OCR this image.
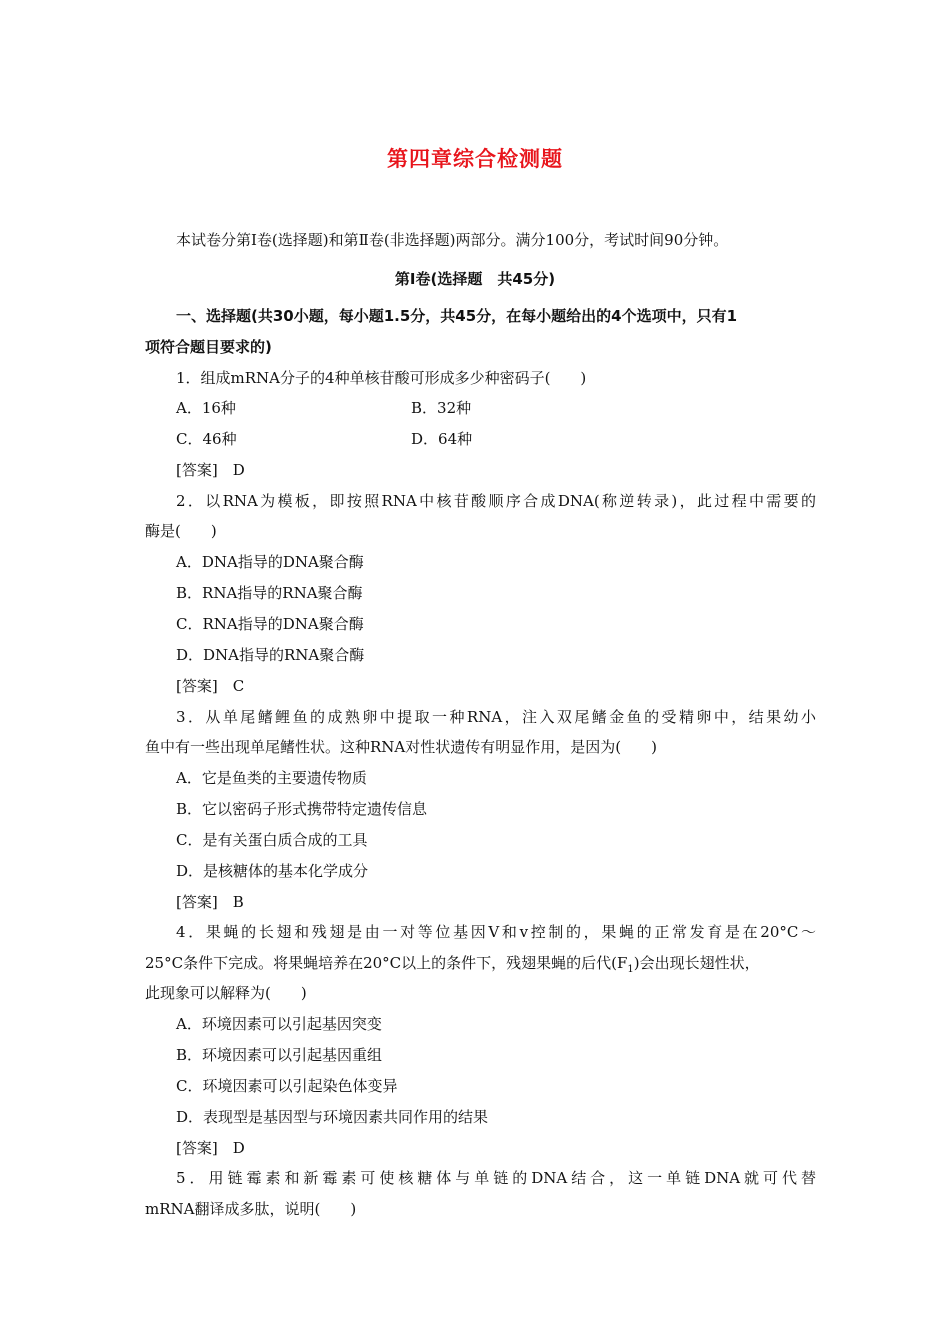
第四章综合检测题
本试卷分第Ⅰ卷(选择题)和第Ⅱ卷(非选择题)两部分。满分100分，考试时间90分钟。
第Ⅰ卷(选择题　共45分)
一、选择题(共30小题，每小题1.5分，共45分，在每小题给出的4个选项中，只有1
项符合题目要求的)
1．组成mRNA分子的4种单核苷酸可形成多少种密码子(　　)
A．16种	B．32种
C．46种	D．64种
[答案]　D
2．以RNA为模板，即按照RNA中核苷酸顺序合成DNA(称逆转录)，此过程中需要的
酶是(　　)
A．DNA指导的DNA聚合酶
B．RNA指导的RNA聚合酶
C．RNA指导的DNA聚合酶
D．DNA指导的RNA聚合酶
[答案]　C
3．从单尾鳍鲤鱼的成熟卵中提取一种RNA，注入双尾鳍金鱼的受精卵中，结果幼小
鱼中有一些出现单尾鳍性状。这种RNA对性状遗传有明显作用，是因为(　　)
A．它是鱼类的主要遗传物质
B．它以密码子形式携带特定遗传信息
C．是有关蛋白质合成的工具
D．是核糖体的基本化学成分
[答案]　B
4．果蝇的长翅和残翅是由一对等位基因V和v控制的，果蝇的正常发育是在20°C～
25°C条件下完成。将果蝇培养在20°C以上的条件下，残翅果蝇的后代$(F_1)$会出现长翅性状，
此现象可以解释为(　　)
A．环境因素可以引起基因突变
B．环境因素可以引起基因重组
C．环境因素可以引起染色体变异
D．表现型是基因型与环境因素共同作用的结果
[答案]　D
5．用链霉素和新霉素可使核糖体与单链的DNA结合，这一单链DNA就可代替
mRNA翻译成多肽，说明(　　)
